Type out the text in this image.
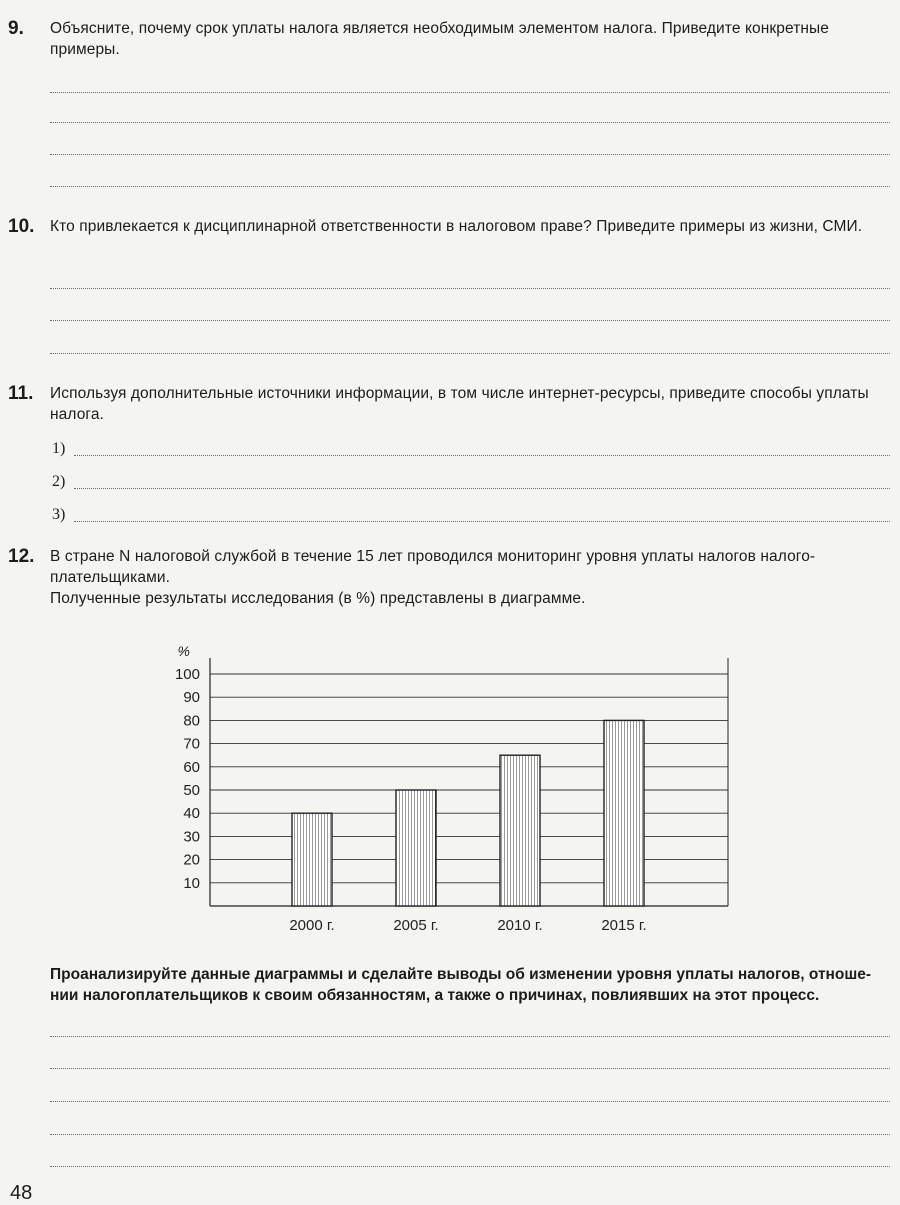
9. Объясните, почему срок уплаты налога является необходимым элементом налога. Приведите конкретные примеры.
10. Кто привлекается к дисциплинарной ответственности в налоговом праве? Приведите примеры из жизни, СМИ.
11. Используя дополнительные источники информации, в том числе интернет-ресурсы, приведите способы уплаты налога.
1)
2)
3)
12. В стране N налоговой службой в течение 15 лет проводился мониторинг уровня уплаты налогов налого-плательщиками.

Полученные результаты исследования (в %) представлены в диаграмме.

10
20
30
40
50
60
70
80
90
100
%
2000 г.	2005 г.	2010 г.	2015 г.
Проанализируйте данные диаграммы и сделайте выводы об изменении уровня уплаты налогов, отноше-нии налогоплательщиков к своим обязанностям, а также о причинах, повлиявших на этот процесс.
48
